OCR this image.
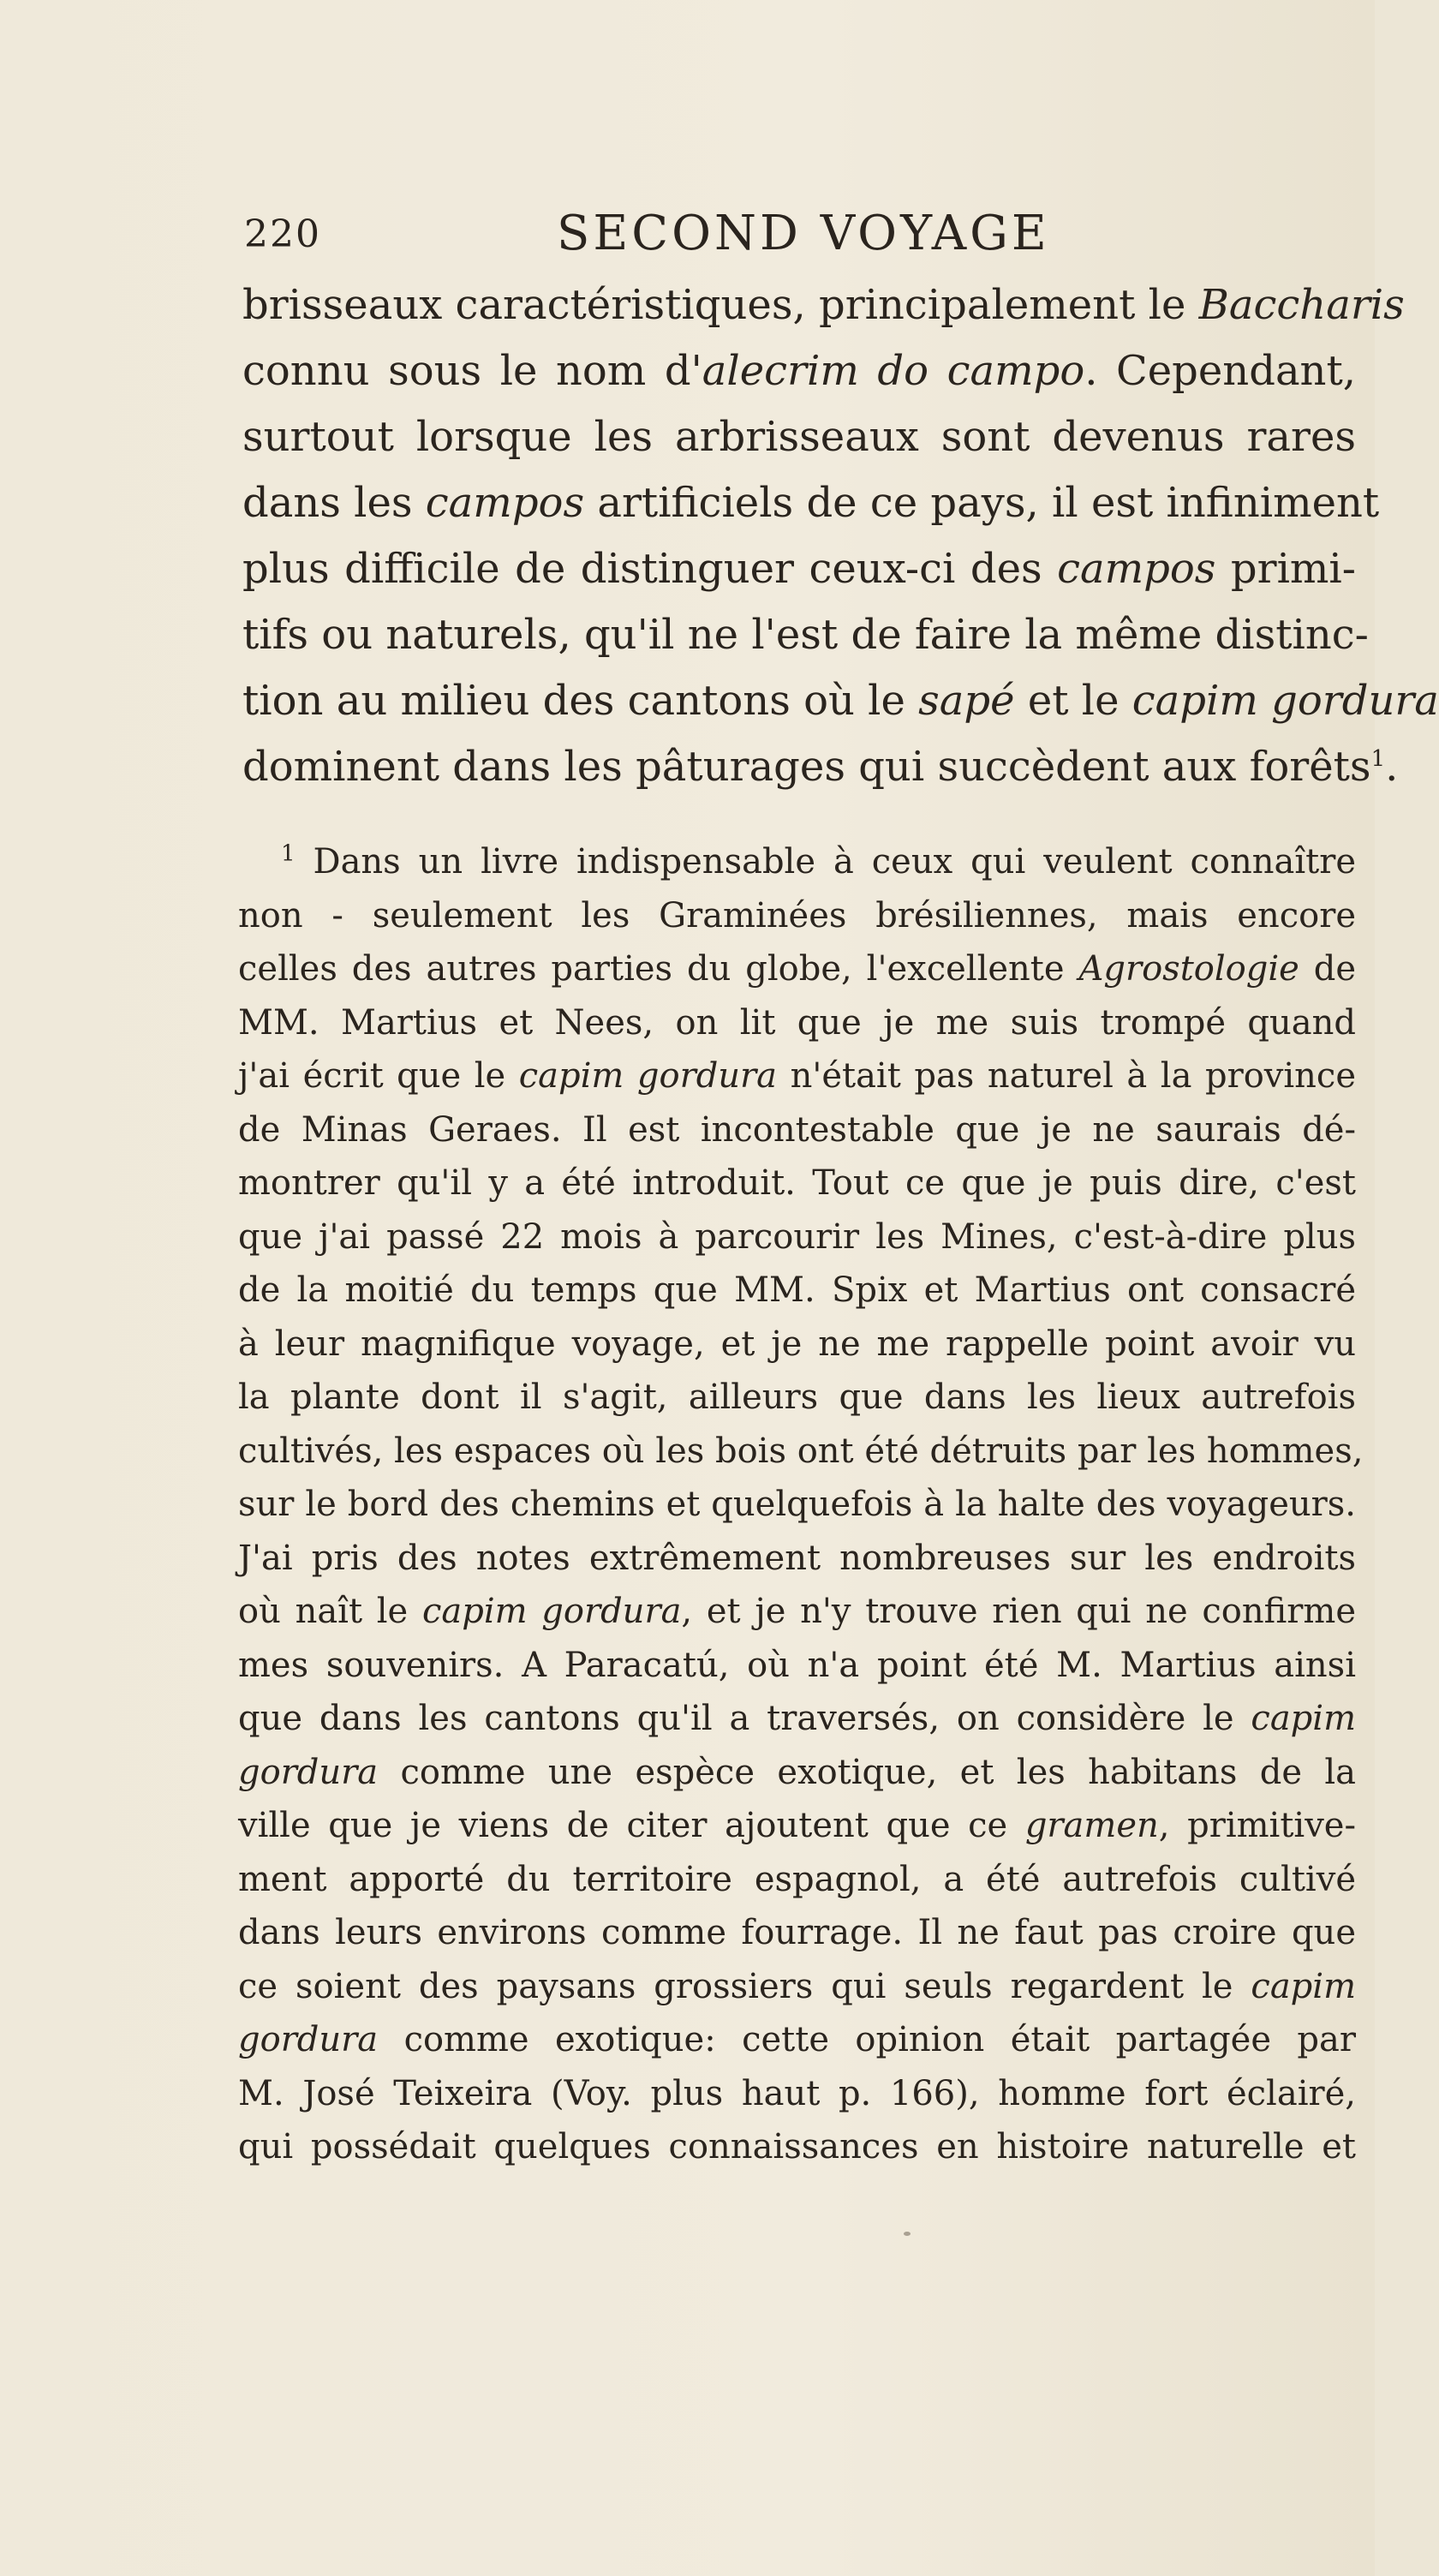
220	SECOND VOYAGE
brisseaux caractéristiques, principalement le Baccharis
connu sous le nom d'alecrim do campo. Cependant,
surtout lorsque les arbrisseaux sont devenus rares
dans les campos artificiels de ce pays, il est infiniment
plus difficile de distinguer ceux-ci des campos primi-
tifs ou naturels, qu'il ne l'est de faire la même distinc-
tion au milieu des cantons où le sapé et le capim gordura
dominent dans les pâturages qui succèdent aux forêts$^1$.
$^1$ Dans un livre indispensable à ceux qui veulent connaître
non - seulement les Graminées brésiliennes, mais encore
celles des autres parties du globe, l'excellente Agrostologie de
MM. Martius et Nees, on lit que je me suis trompé quand
j'ai écrit que le capim gordura n'était pas naturel à la province
de Minas Geraes. Il est incontestable que je ne saurais dé-
montrer qu'il y a été introduit. Tout ce que je puis dire, c'est
que j'ai passé 22 mois à parcourir les Mines, c'est-à-dire plus
de la moitié du temps que MM. Spix et Martius ont consacré
à leur magnifique voyage, et je ne me rappelle point avoir vu
la plante dont il s'agit, ailleurs que dans les lieux autrefois
cultivés, les espaces où les bois ont été détruits par les hommes,
sur le bord des chemins et quelquefois à la halte des voyageurs.
J'ai pris des notes extrêmement nombreuses sur les endroits
où naît le capim gordura, et je n'y trouve rien qui ne confirme
mes souvenirs. A Paracatú, où n'a point été M. Martius ainsi
que dans les cantons qu'il a traversés, on considère le capim
gordura comme une espèce exotique, et les habitans de la
ville que je viens de citer ajoutent que ce gramen, primitive-
ment apporté du territoire espagnol, a été autrefois cultivé
dans leurs environs comme fourrage. Il ne faut pas croire que
ce soient des paysans grossiers qui seuls regardent le capim
gordura comme exotique: cette opinion était partagée par
M. José Teixeira (Voy. plus haut p. 166), homme fort éclairé,
qui possédait quelques connaissances en histoire naturelle et
